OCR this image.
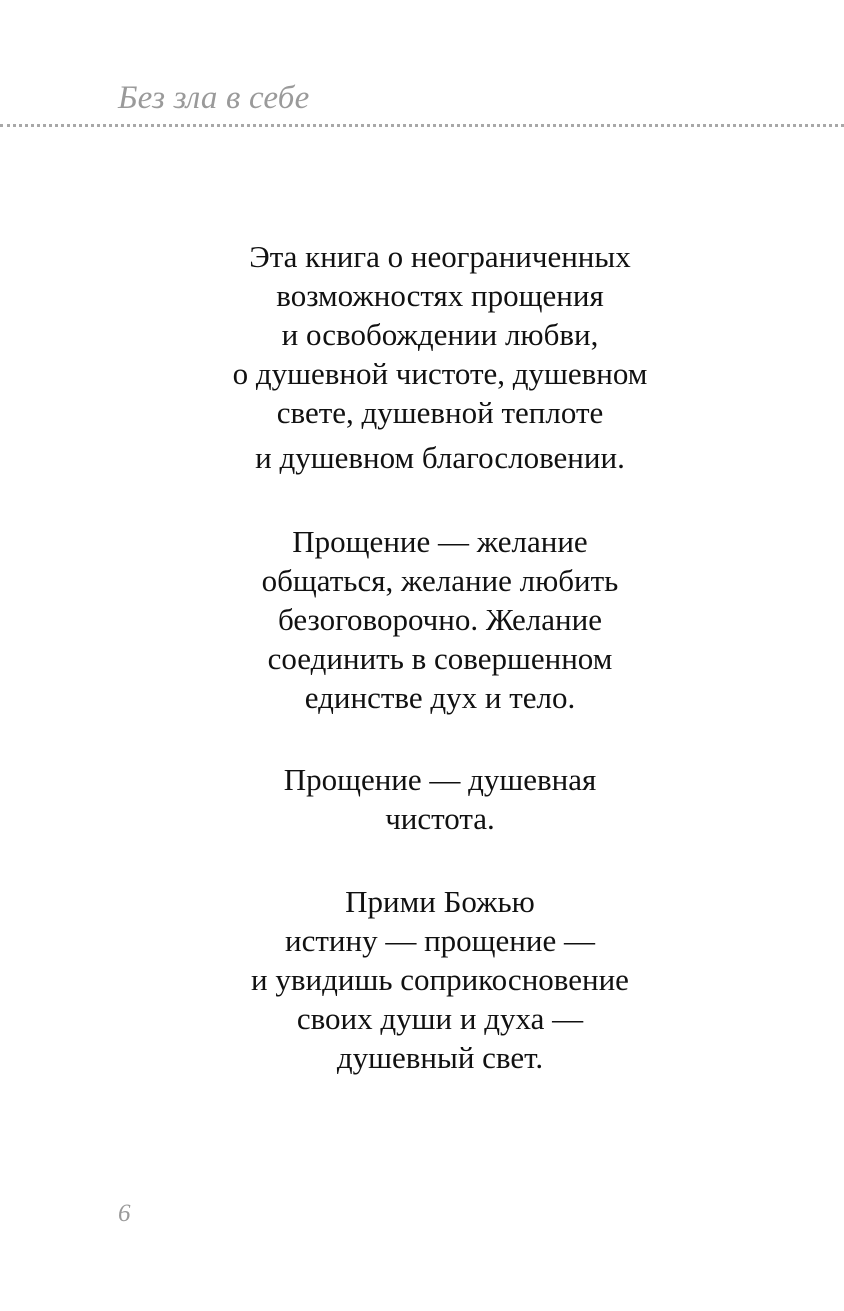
Без зла в себе
Эта книга о неограниченных
возможностях прощения
и освобождении любви,
о душевной чистоте, душевном
свете, душевной теплоте
и душевном благословении.
Прощение — желание
общаться, желание любить
безоговорочно. Желание
соединить в совершенном
единстве дух и тело.
Прощение — душевная
чистота.
Прими Божью
истину — прощение —
и увидишь соприкосновение
своих души и духа —
душевный свет.
6
